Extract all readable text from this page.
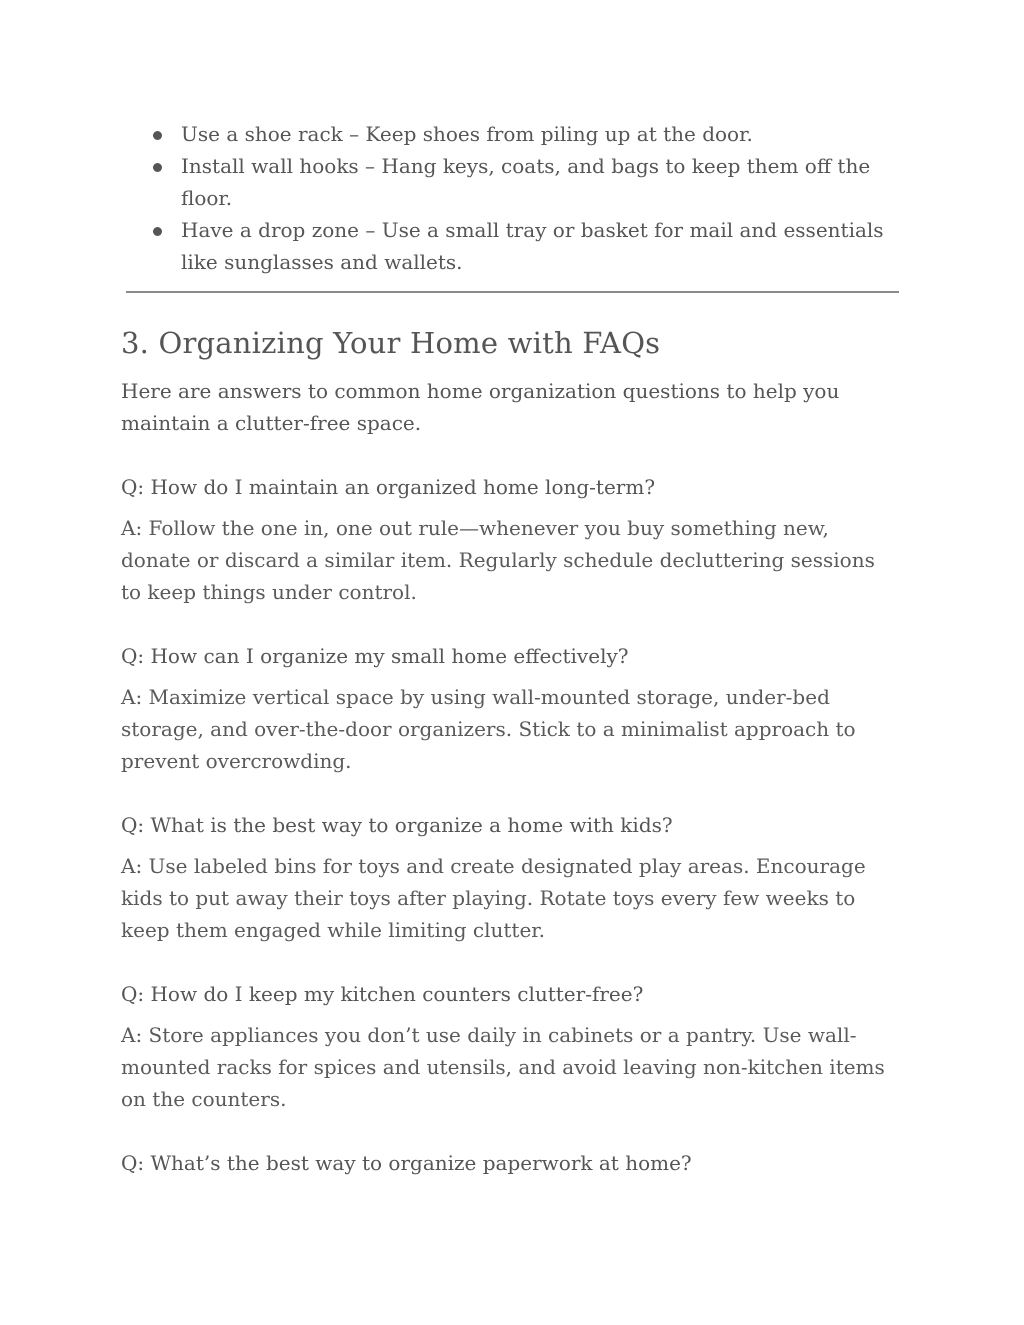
Use a shoe rack – Keep shoes from piling up at the door.
Install wall hooks – Hang keys, coats, and bags to keep them off the floor.
Have a drop zone – Use a small tray or basket for mail and essentials like sunglasses and wallets.
3. Organizing Your Home with FAQs

Here are answers to common home organization questions to help you maintain a clutter-free space.

Q: How do I maintain an organized home long-term?

A: Follow the one in, one out rule—whenever you buy something new, donate or discard a similar item. Regularly schedule decluttering sessions to keep things under control.

Q: How can I organize my small home effectively?

A: Maximize vertical space by using wall-mounted storage, under-bed storage, and over-the-door organizers. Stick to a minimalist approach to prevent overcrowding.

Q: What is the best way to organize a home with kids?

A: Use labeled bins for toys and create designated play areas. Encourage kids to put away their toys after playing. Rotate toys every few weeks to keep them engaged while limiting clutter.

Q: How do I keep my kitchen counters clutter-free?

A: Store appliances you don’t use daily in cabinets or a pantry. Use wall-mounted racks for spices and utensils, and avoid leaving non-kitchen items on the counters.

Q: What’s the best way to organize paperwork at home?
